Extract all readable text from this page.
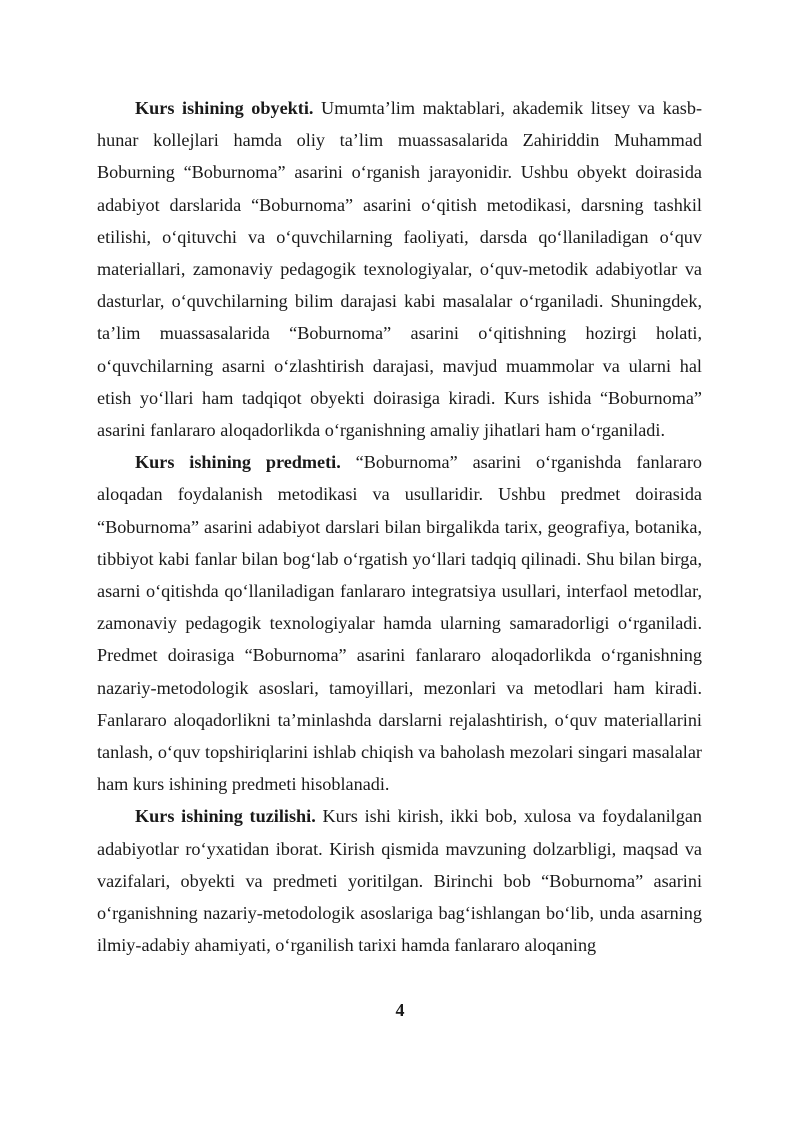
Kurs ishining obyekti. Umumta’lim maktablari, akademik litsey va kasb-hunar kollejlari hamda oliy ta’lim muassasalarida Zahiriddin Muhammad Boburning “Boburnoma” asarini o‘rganish jarayonidir. Ushbu obyekt doirasida adabiyot darslarida “Boburnoma” asarini o‘qitish metodikasi, darsning tashkil etilishi, o‘qituvchi va o‘quvchilarning faoliyati, darsda qo‘llaniladigan o‘quv materiallari, zamonaviy pedagogik texnologiyalar, o‘quv-metodik adabiyotlar va dasturlar, o‘quvchilarning bilim darajasi kabi masalalar o‘rganiladi. Shuningdek, ta’lim muassasalarida “Boburnoma” asarini o‘qitishning hozirgi holati, o‘quvchilarning asarni o‘zlashtirish darajasi, mavjud muammolar va ularni hal etish yo‘llari ham tadqiqot obyekti doirasiga kiradi. Kurs ishida “Boburnoma” asarini fanlararo aloqadorlikda o‘rganishning amaliy jihatlari ham o‘rganiladi.

Kurs ishining predmeti. “Boburnoma” asarini o‘rganishda fanlararo aloqadan foydalanish metodikasi va usullaridir. Ushbu predmet doirasida “Boburnoma” asarini adabiyot darslari bilan birgalikda tarix, geografiya, botanika, tibbiyot kabi fanlar bilan bog‘lab o‘rgatish yo‘llari tadqiq qilinadi. Shu bilan birga, asarni o‘qitishda qo‘llaniladigan fanlararo integratsiya usullari, interfaol metodlar, zamonaviy pedagogik texnologiyalar hamda ularning samaradorligi o‘rganiladi. Predmet doirasiga “Boburnoma” asarini fanlararo aloqadorlikda o‘rganishning nazariy-metodologik asoslari, tamoyillari, mezonlari va metodlari ham kiradi. Fanlararo aloqadorlikni ta’minlashda darslarni rejalashtirish, o‘quv materiallarini tanlash, o‘quv topshiriqlarini ishlab chiqish va baholash mezolari singari masalalar ham kurs ishining predmeti hisoblanadi.

Kurs ishining tuzilishi. Kurs ishi kirish, ikki bob, xulosa va foydalanilgan adabiyotlar ro‘yxatidan iborat. Kirish qismida mavzuning dolzarbligi, maqsad va vazifalari, obyekti va predmeti yoritilgan. Birinchi bob “Boburnoma” asarini o‘rganishning nazariy-metodologik asoslariga bag‘ishlangan bo‘lib, unda asarning ilmiy-adabiy ahamiyati, o‘rganilish tarixi hamda fanlararo aloqaning

4
